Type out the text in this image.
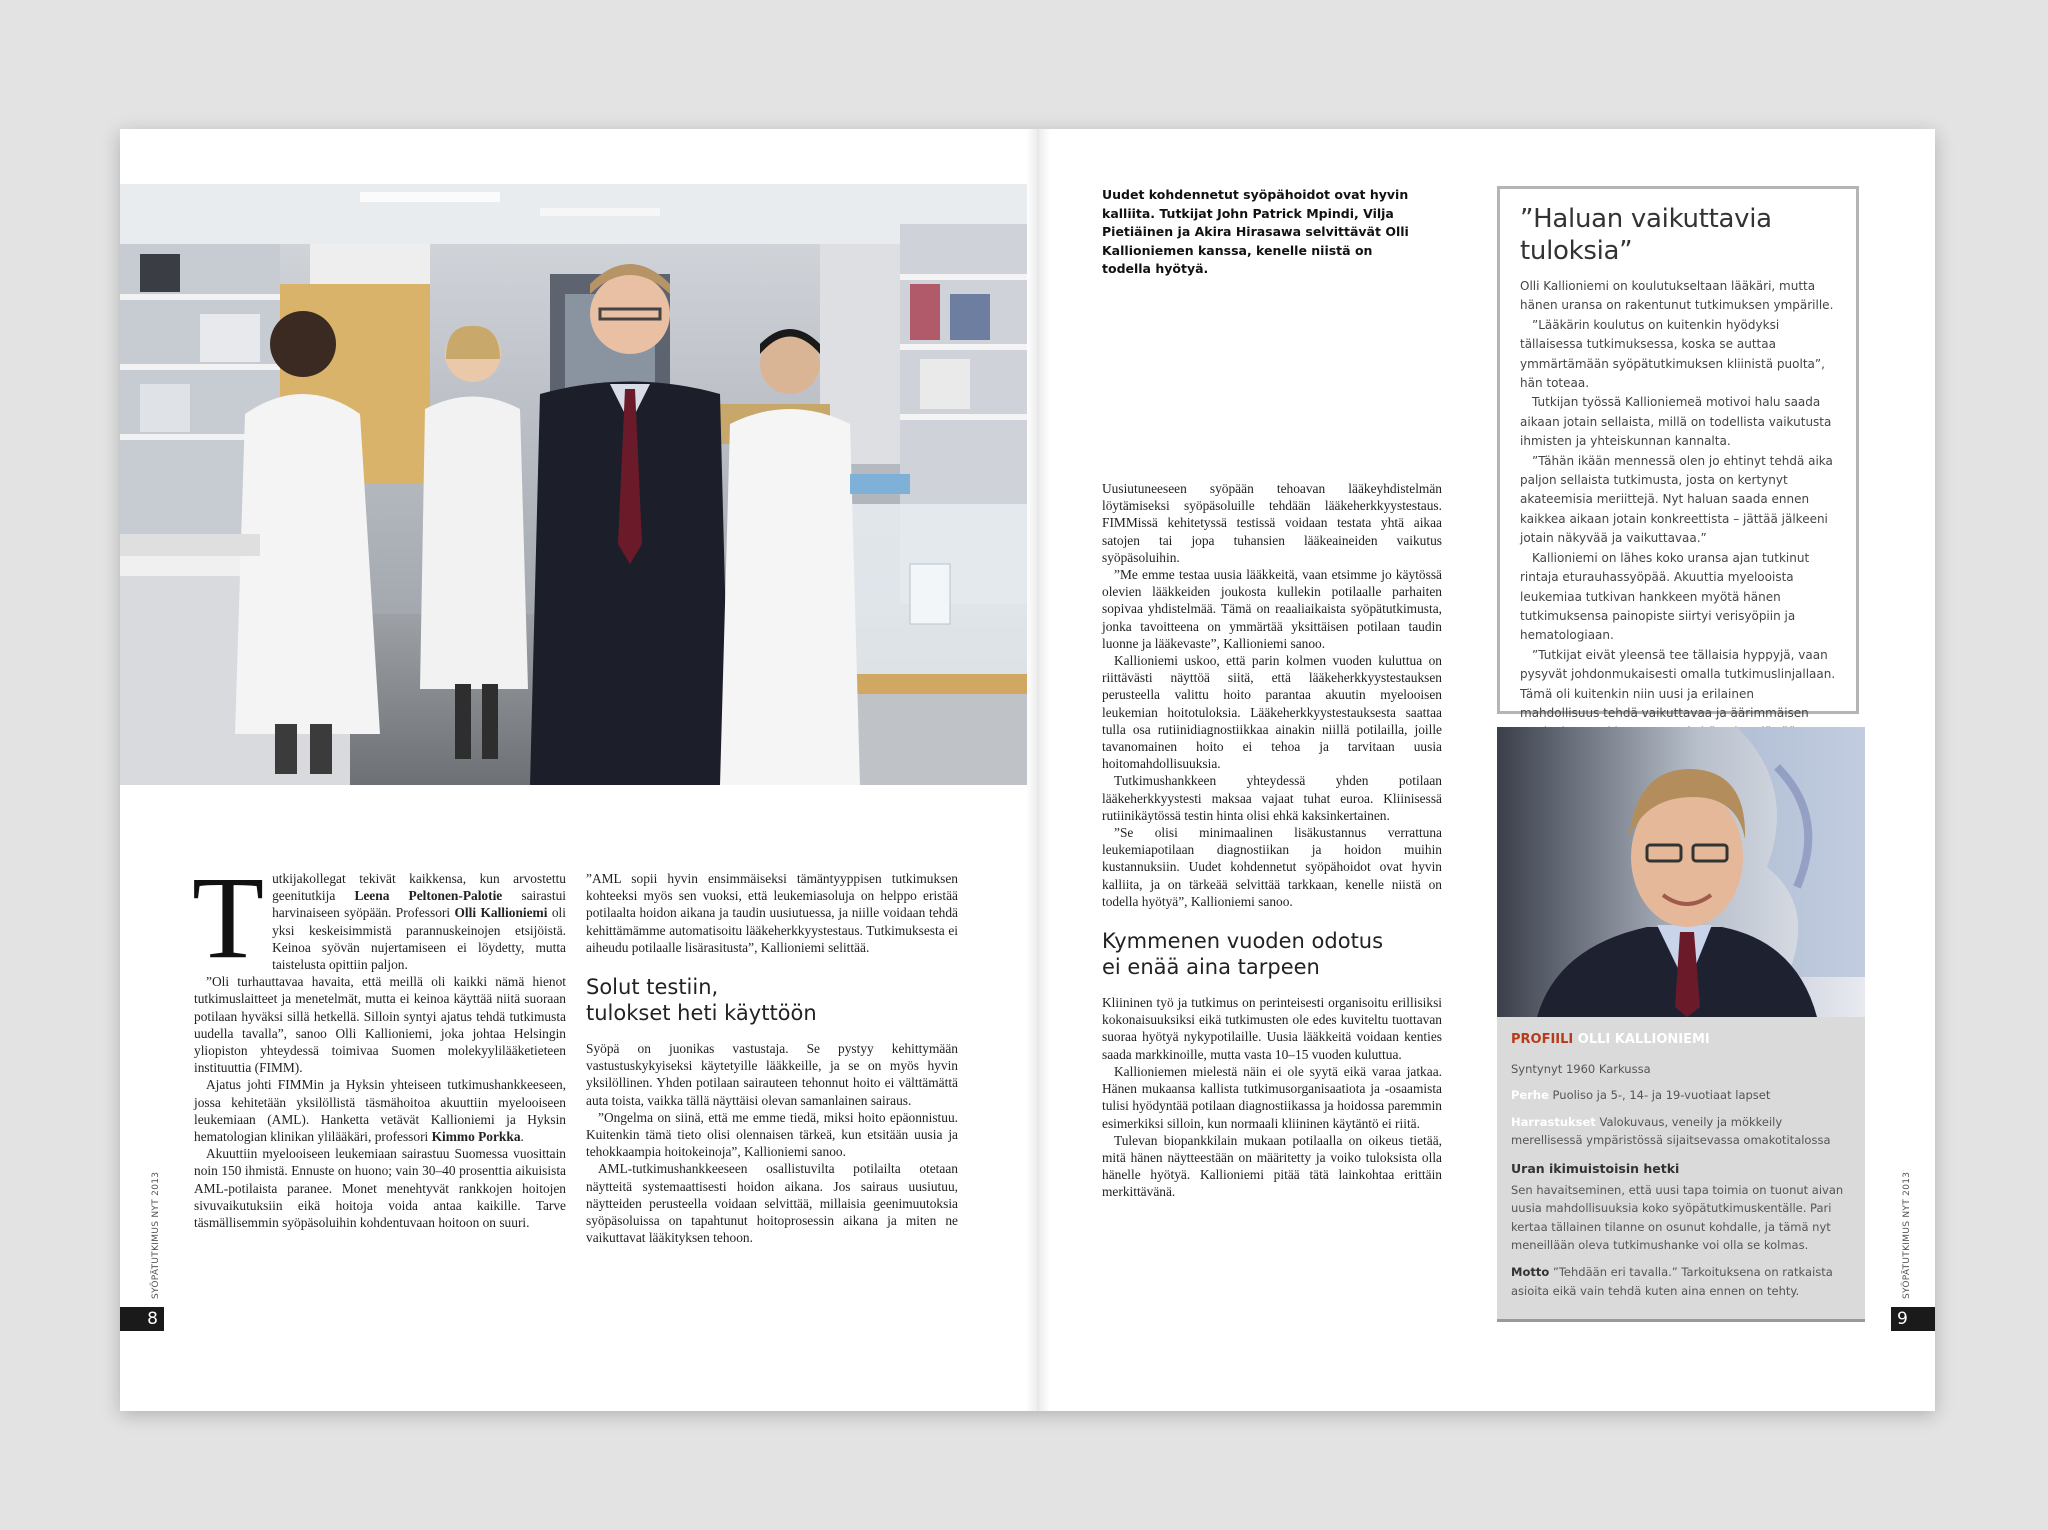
Tutkijakollegat tekivät kaikkensa, kun arvostettu geenitutkija Leena Peltonen-Palotie sairastui harvinaiseen syöpään. Professori Olli Kallioniemi oli yksi keskeisimmistä parannuskeinojen etsijöistä. Keinoa syövän nujertamiseen ei löydetty, mutta taistelusta opittiin paljon.

”Oli turhauttavaa havaita, että meillä oli kaikki nämä hienot tutkimuslaitteet ja menetelmät, mutta ei keinoa käyttää niitä suoraan potilaan hyväksi sillä hetkellä. Silloin syntyi ajatus tehdä tutkimusta uudella tavalla”, sanoo Olli Kallioniemi, joka johtaa Helsingin yliopiston yhteydessä toimivaa Suomen molekyylilääketieteen instituuttia (FIMM).

Ajatus johti FIMMin ja Hyksin yhteiseen tutkimushankkeeseen, jossa kehitetään yksilöllistä täsmähoitoa akuuttiin myelooiseen leukemiaan (AML). Hanketta vetävät Kallioniemi ja Hyksin hematologian klinikan ylilääkäri, professori Kimmo Porkka.

Akuuttiin myelooiseen leukemiaan sairastuu Suomessa vuosittain noin 150 ihmistä. Ennuste on huono; vain 30–40 prosenttia aikuisista AML-potilaista paranee. Monet menehtyvät rankkojen hoitojen sivuvaikutuksiin eikä hoitoja voida antaa kaikille. Tarve täsmällisemmin syöpäsoluihin kohdentuvaan hoitoon on suuri.

”AML sopii hyvin ensimmäiseksi tämäntyyppisen tutkimuksen kohteeksi myös sen vuoksi, että leukemiasoluja on helppo eristää potilaalta hoidon aikana ja taudin uusiutuessa, ja niille voidaan tehdä kehittämämme automatisoitu lääkeherkkyystestaus. Tutkimuksesta ei aiheudu potilaalle lisärasitusta”, Kallioniemi selittää.

Solut testiin,
tulokset heti käyttöön

Syöpä on juonikas vastustaja. Se pystyy kehittymään vastustuskykyiseksi käytetyille lääkkeille, ja se on myös hyvin yksilöllinen. Yhden potilaan sairauteen tehonnut hoito ei välttämättä auta toista, vaikka tällä näyttäisi olevan samanlainen sairaus.

”Ongelma on siinä, että me emme tiedä, miksi hoito epäonnistuu. Kuitenkin tämä tieto olisi olennaisen tärkeä, kun etsitään uusia ja tehokkaampia hoitokeinoja”, Kallioniemi sanoo.

AML-tutkimushankkeeseen osallistuvilta potilailta otetaan näytteitä systemaattisesti hoidon aikana. Jos sairaus uusiutuu, näytteiden perusteella voidaan selvittää, millaisia geenimuutoksia syöpäsoluissa on tapahtunut hoitoprosessin aikana ja miten ne vaikuttavat lääkityksen tehoon.

8
SYÖPÄTUTKIMUS NYT 2013
9
SYÖPÄTUTKIMUS NYT 2013
Uudet kohdennetut syöpähoidot ovat hyvin kalliita. Tutkijat John Patrick Mpindi, Vilja Pietiäinen ja Akira Hirasawa selvittävät Olli Kallioniemen kanssa, kenelle niistä on todella hyötyä.

Uusiutuneeseen syöpään tehoavan lääkeyhdistelmän löytämiseksi syöpäsoluille tehdään lääkeherkkyystestaus. FIMMissä kehitetyssä testissä voidaan testata yhtä aikaa satojen tai jopa tuhansien lääkeaineiden vaikutus syöpäsoluihin.

”Me emme testaa uusia lääkkeitä, vaan etsimme jo käytössä olevien lääkkeiden joukosta kullekin potilaalle parhaiten sopivaa yhdistelmää. Tämä on reaaliaikaista syöpätutkimusta, jonka tavoitteena on ymmärtää yksittäisen potilaan taudin luonne ja lääkevaste”, Kallioniemi sanoo.

Kallioniemi uskoo, että parin kolmen vuoden kuluttua on riittävästi näyttöä siitä, että lääkeherkkyystestauksen perusteella valittu hoito parantaa akuutin myelooisen leukemian hoitotuloksia. Lääkeherkkyystestauksesta saattaa tulla osa rutiinidiagnostiikkaa ainakin niillä potilailla, joille tavanomainen hoito ei tehoa ja tarvitaan uusia hoitomahdollisuuksia.

Tutkimushankkeen yhteydessä yhden potilaan lääkeherkkyystesti maksaa vajaat tuhat euroa. Kliinisessä rutiinikäytössä testin hinta olisi ehkä kaksinkertainen.

”Se olisi minimaalinen lisäkustannus verrattuna leukemiapotilaan diagnostiikan ja hoidon muihin kustannuksiin. Uudet kohdennetut syöpähoidot ovat hyvin kalliita, ja on tärkeää selvittää tarkkaan, kenelle niistä on todella hyötyä”, Kallioniemi sanoo.

Kymmenen vuoden odotus
ei enää aina tarpeen

Kliininen työ ja tutkimus on perinteisesti organisoitu erillisiksi kokonaisuuksiksi eikä tutkimusten ole edes kuviteltu tuottavan suoraa hyötyä nykypotilaille. Uusia lääkkeitä voidaan kenties saada markkinoille, mutta vasta 10–15 vuoden kuluttua.

Kallioniemen mielestä näin ei ole syytä eikä varaa jatkaa. Hänen mukaansa kallista tutkimusorganisaatiota ja -osaamista tulisi hyödyntää potilaan diagnostiikassa ja hoidossa paremmin esimerkiksi silloin, kun normaali kliininen käytäntö ei riitä.

Tulevan biopankkilain mukaan potilaalla on oikeus tietää, mitä hänen näytteestään on määritetty ja voiko tuloksista olla hänelle hyötyä. Kallioniemi pitää tätä lainkohtaa erittäin merkittävänä.

”Haluan vaikuttavia tuloksia”

Olli Kallioniemi on koulutukseltaan lääkäri, mutta hänen uransa on rakentunut tutkimuksen ympärille.

”Lääkärin koulutus on kuitenkin hyödyksi tällaisessa tutkimuksessa, koska se auttaa ymmärtämään syöpätutkimuksen kliinistä puolta”, hän toteaa.

Tutkijan työssä Kallioniemeä motivoi halu saada aikaan jotain sellaista, millä on todellista vaikutusta ihmisten ja yhteiskunnan kannalta.

”Tähän ikään mennessä olen jo ehtinyt tehdä aika paljon sellaista tutkimusta, josta on kertynyt akateemisia meriittejä. Nyt haluan saada ennen kaikkea aikaan jotain konkreettista – jättää jälkeeni jotain näkyvää ja vaikuttavaa.”

Kallioniemi on lähes koko uransa ajan tutkinut rintaja eturauhassyöpää. Akuuttia myelooista leukemiaa tutkivan hankkeen myötä hänen tutkimuksensa painopiste siirtyi verisyöpiin ja hematologiaan.

”Tutkijat eivät yleensä tee tällaisia hyppyjä, vaan pysyvät johdonmukaisesti omalla tutkimuslinjallaan. Tämä oli kuitenkin niin uusi ja erilainen mahdollisuus tehdä vaikuttavaa ja äärimmäisen

PROFIILI OLLI KALLIONIEMI
Syntynyt 1960 Karkussa
Perhe Puoliso ja 5-, 14- ja 19-vuotiaat lapset
Harrastukset Valokuvaus, veneily ja mökkeily merellisessä ympäristössä sijaitsevassa omakotitalossa
Uran ikimuistoisin hetki
Sen havaitseminen, että uusi tapa toimia on tuonut aivan uusia mahdollisuuksia koko syöpätutkimuskentälle. Pari kertaa tällainen tilanne on osunut kohdalle, ja tämä nyt meneillään oleva tutkimushanke voi olla se kolmas.
Motto ”Tehdään eri tavalla.” Tarkoituksena on ratkaista asioita eikä vain tehdä kuten aina ennen on tehty.
